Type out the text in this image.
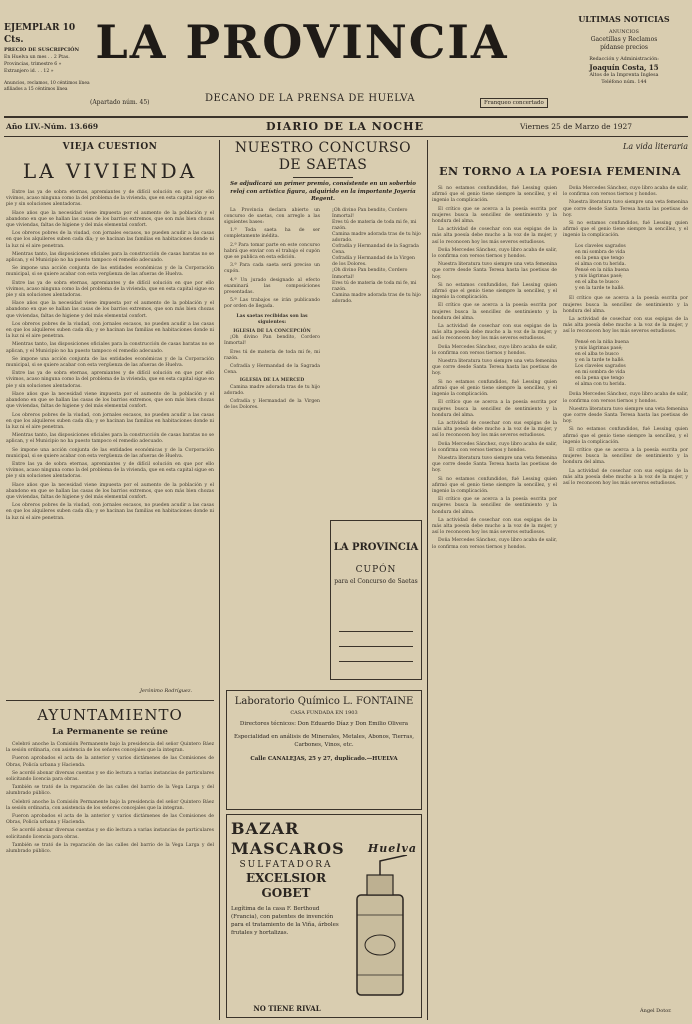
EJEMPLAR 10 Cts.
PRECIO DE SUSCRIPCIÓN
En Huelva un mes . . 2 Ptas.
Provincias, trimestre 6 »
Extranjero id. . . 12 »
Anuncios, reclamos, 10 céntimos línea afiliados a 15 céntimos línea
LA PROVINCIA
(Apartado núm. 45)	DECANO DE LA PRENSA DE HUELVA	Franqueo concertado
ULTIMAS NOTICIAS
ANUNCIOS
Gacetillas y Reclamos
pídanse precios
Redacción y Administración:
Joaquín Costa, 15
Altos de la Imprenta Inglesa
Teléfono núm. 144
Año LIV.-Núm. 13.669	DIARIO DE LA NOCHE	Viernes 25 de Marzo de 1927
VIEJA CUESTION
LA VIVIENDA

Entre las ya de sobra eternas, apremiantes y de difícil solución en que por ello vivimos, acaso ninguna como la del problema de la vivienda, que en esta capital sigue en pie y sin soluciones alentadoras.

Hace años que la necesidad viene impuesta por el aumento de la población y el abandono en que se hallan las casas de los barrios extremos, que son más bien chozas que viviendas, faltas de higiene y del más elemental confort.

Los obreros pobres de la viudad, con jornales escasos, no pueden acudir a las casas en que los alquileres suben cada día; y se hacinan las familias en habitaciones donde ni la luz ni el aire penetran.

Mientras tanto, las disposiciones oficiales para la construcción de casas baratas no se aplican, y el Municipio no ha puesto tampoco el remedio adecuado.

Se impone una acción conjunta de las entidades económicas y de la Corporación municipal, si se quiere acabar con esta vergüenza de las afueras de Huelva.

Entre las ya de sobra eternas, apremiantes y de difícil solución en que por ello vivimos, acaso ninguna como la del problema de la vivienda, que en esta capital sigue en pie y sin soluciones alentadoras.

Hace años que la necesidad viene impuesta por el aumento de la población y el abandono en que se hallan las casas de los barrios extremos, que son más bien chozas que viviendas, faltas de higiene y del más elemental confort.

Los obreros pobres de la viudad, con jornales escasos, no pueden acudir a las casas en que los alquileres suben cada día; y se hacinan las familias en habitaciones donde ni la luz ni el aire penetran.

Mientras tanto, las disposiciones oficiales para la construcción de casas baratas no se aplican, y el Municipio no ha puesto tampoco el remedio adecuado.

Se impone una acción conjunta de las entidades económicas y de la Corporación municipal, si se quiere acabar con esta vergüenza de las afueras de Huelva.

Entre las ya de sobra eternas, apremiantes y de difícil solución en que por ello vivimos, acaso ninguna como la del problema de la vivienda, que en esta capital sigue en pie y sin soluciones alentadoras.

Hace años que la necesidad viene impuesta por el aumento de la población y el abandono en que se hallan las casas de los barrios extremos, que son más bien chozas que viviendas, faltas de higiene y del más elemental confort.

Los obreros pobres de la viudad, con jornales escasos, no pueden acudir a las casas en que los alquileres suben cada día; y se hacinan las familias en habitaciones donde ni la luz ni el aire penetran.

Mientras tanto, las disposiciones oficiales para la construcción de casas baratas no se aplican, y el Municipio no ha puesto tampoco el remedio adecuado.

Se impone una acción conjunta de las entidades económicas y de la Corporación municipal, si se quiere acabar con esta vergüenza de las afueras de Huelva.

Entre las ya de sobra eternas, apremiantes y de difícil solución en que por ello vivimos, acaso ninguna como la del problema de la vivienda, que en esta capital sigue en pie y sin soluciones alentadoras.

Hace años que la necesidad viene impuesta por el aumento de la población y el abandono en que se hallan las casas de los barrios extremos, que son más bien chozas que viviendas, faltas de higiene y del más elemental confort.

Los obreros pobres de la viudad, con jornales escasos, no pueden acudir a las casas en que los alquileres suben cada día; y se hacinan las familias en habitaciones donde ni la luz ni el aire penetran.

AYUNTAMIENTO
La Permanente se reúne

Celebró anoche la Comisión Permanente bajo la presidencia del señor Quintero Báez la sesión ordinaria, con asistencia de los señores concejales que la integran.

Fueron aprobados el acta de la anterior y varios dictámenes de las Comisiones de Obras, Policía urbana y Hacienda.

Se acordó abonar diversas cuentas y se dio lectura a varias instancias de particulares solicitando licencia para obras.

También se trató de la reparación de las calles del barrio de la Vega Larga y del alumbrado público.

Celebró anoche la Comisión Permanente bajo la presidencia del señor Quintero Báez la sesión ordinaria, con asistencia de los señores concejales que la integran.

Fueron aprobados el acta de la anterior y varios dictámenes de las Comisiones de Obras, Policía urbana y Hacienda.

Se acordó abonar diversas cuentas y se dio lectura a varias instancias de particulares solicitando licencia para obras.

También se trató de la reparación de las calles del barrio de la Vega Larga y del alumbrado público.

Jerónimo Rodríguez.
NUESTRO CONCURSO DE SAETAS
Se adjudicará un primer premio, consistente en un soberbio reloj con artística figura, adquirido en la importante Joyería Regent.

La Provincia declara abierto un concurso de saetas, con arreglo a las siguientes bases:

1.ª Toda saeta ha de ser completamente inédita.

2.ª Para tomar parte en este concurso habrá que enviar con el trabajo el cupón que se publica en esta edición.

3.ª Para cada saeta será preciso un cupón.

4.ª Un jurado designado al efecto examinará las composiciones presentadas.

5.ª Las trabajos se irán publicando por orden de llegada.

Las saetas recibidas son las siguientes:
IGLESIA DE LA CONCEPCIÓN

¡Oh divino Pan bendito, Cordero Inmortal!

Eres tú de materia de toda mi fe, mi razón.

Cofradía y Hermandad de la Sagrada Cena.

IGLESIA DE LA MERCED

Camina madre adorada tras de tu hijo adorado.

Cofradía y Hermandad de la Virgen de los Dolores.

¡Oh divino Pan bendito, Cordero Inmortal!
Eres tú de materia de toda mi fe, mi razón.
Camina madre adorada tras de tu hijo adorado.
Cofradía y Hermandad de la Sagrada Cena.
Cofradía y Hermandad de la Virgen de los Dolores.
¡Oh divino Pan bendito, Cordero Inmortal!
Eres tú de materia de toda mi fe, mi razón.
Camina madre adorada tras de tu hijo adorado.
LA PROVINCIA
CUPÓN
para el Concurso de Saetas
Laboratorio Químico L. FONTAINE
CASA FUNDADA EN 1903
Directores técnicos: Don Eduardo Díaz y Don Emilio Olivera
Especialidad en análisis de Minerales, Metales, Abonos, Tierras, Carbones, Vinos, etc.
Calle CANALEJAS, 25 y 27, duplicado.—HUELVA
BAZAR MASCAROS Huelva
SULFATADORA
EXCELSIOR GOBET
Legítima de la casa F. Berthoud (Francia), con patentes de invención para el tratamiento de la Viña, árboles frutales y hortalizas.
NO TIENE RIVAL
La vida literaria
EN TORNO A LA POESIA FEMENINA

Si no estamos confundidos, fué Lessing quien afirmó que el genio tiene siempre la sencillez, y el ingenio la complicación.

El crítico que se acerca a la poesía escrita por mujeres busca la sencillez de sentimiento y la hondura del alma.

La actividad de cosechar con sus espigas de la más alta poesía debe mucho a la voz de la mujer, y así lo reconocen hoy los más severos estudiosos.

Doña Mercedes Sánchez, cuyo libro acaba de salir, lo confirma con versos tiernos y hondos.

Nuestra literatura tuvo siempre una veta femenina que corre desde Santa Teresa hasta las poetisas de hoy.

Si no estamos confundidos, fué Lessing quien afirmó que el genio tiene siempre la sencillez, y el ingenio la complicación.

El crítico que se acerca a la poesía escrita por mujeres busca la sencillez de sentimiento y la hondura del alma.

La actividad de cosechar con sus espigas de la más alta poesía debe mucho a la voz de la mujer, y así lo reconocen hoy los más severos estudiosos.

Doña Mercedes Sánchez, cuyo libro acaba de salir, lo confirma con versos tiernos y hondos.

Nuestra literatura tuvo siempre una veta femenina que corre desde Santa Teresa hasta las poetisas de hoy.

Si no estamos confundidos, fué Lessing quien afirmó que el genio tiene siempre la sencillez, y el ingenio la complicación.

El crítico que se acerca a la poesía escrita por mujeres busca la sencillez de sentimiento y la hondura del alma.

La actividad de cosechar con sus espigas de la más alta poesía debe mucho a la voz de la mujer, y así lo reconocen hoy los más severos estudiosos.

Doña Mercedes Sánchez, cuyo libro acaba de salir, lo confirma con versos tiernos y hondos.

Nuestra literatura tuvo siempre una veta femenina que corre desde Santa Teresa hasta las poetisas de hoy.

Si no estamos confundidos, fué Lessing quien afirmó que el genio tiene siempre la sencillez, y el ingenio la complicación.

El crítico que se acerca a la poesía escrita por mujeres busca la sencillez de sentimiento y la hondura del alma.

La actividad de cosechar con sus espigas de la más alta poesía debe mucho a la voz de la mujer, y así lo reconocen hoy los más severos estudiosos.

Doña Mercedes Sánchez, cuyo libro acaba de salir, lo confirma con versos tiernos y hondos.

Doña Mercedes Sánchez, cuyo libro acaba de salir, lo confirma con versos tiernos y hondos.

Nuestra literatura tuvo siempre una veta femenina que corre desde Santa Teresa hasta las poetisas de hoy.

Si no estamos confundidos, fué Lessing quien afirmó que el genio tiene siempre la sencillez, y el ingenio la complicación.

Los claveles sagrados
en mi sombra de vida
en la pena que tengo
el alma con tu herida.
Pensé en la niña buena
y mis lágrimas pasé;
en el alba te busco
y en la tarde te hallé.

El crítico que se acerca a la poesía escrita por mujeres busca la sencillez de sentimiento y la hondura del alma.

La actividad de cosechar con sus espigas de la más alta poesía debe mucho a la voz de la mujer, y así lo reconocen hoy los más severos estudiosos.

Pensé en la niña buena
y mis lágrimas pasé;
en el alba te busco
y en la tarde te hallé.
Los claveles sagrados
en mi sombra de vida
en la pena que tengo
el alma con tu herida.

Doña Mercedes Sánchez, cuyo libro acaba de salir, lo confirma con versos tiernos y hondos.

Nuestra literatura tuvo siempre una veta femenina que corre desde Santa Teresa hasta las poetisas de hoy.

Si no estamos confundidos, fué Lessing quien afirmó que el genio tiene siempre la sencillez, y el ingenio la complicación.

El crítico que se acerca a la poesía escrita por mujeres busca la sencillez de sentimiento y la hondura del alma.

La actividad de cosechar con sus espigas de la más alta poesía debe mucho a la voz de la mujer, y así lo reconocen hoy los más severos estudiosos.

Ángel Dotor.
